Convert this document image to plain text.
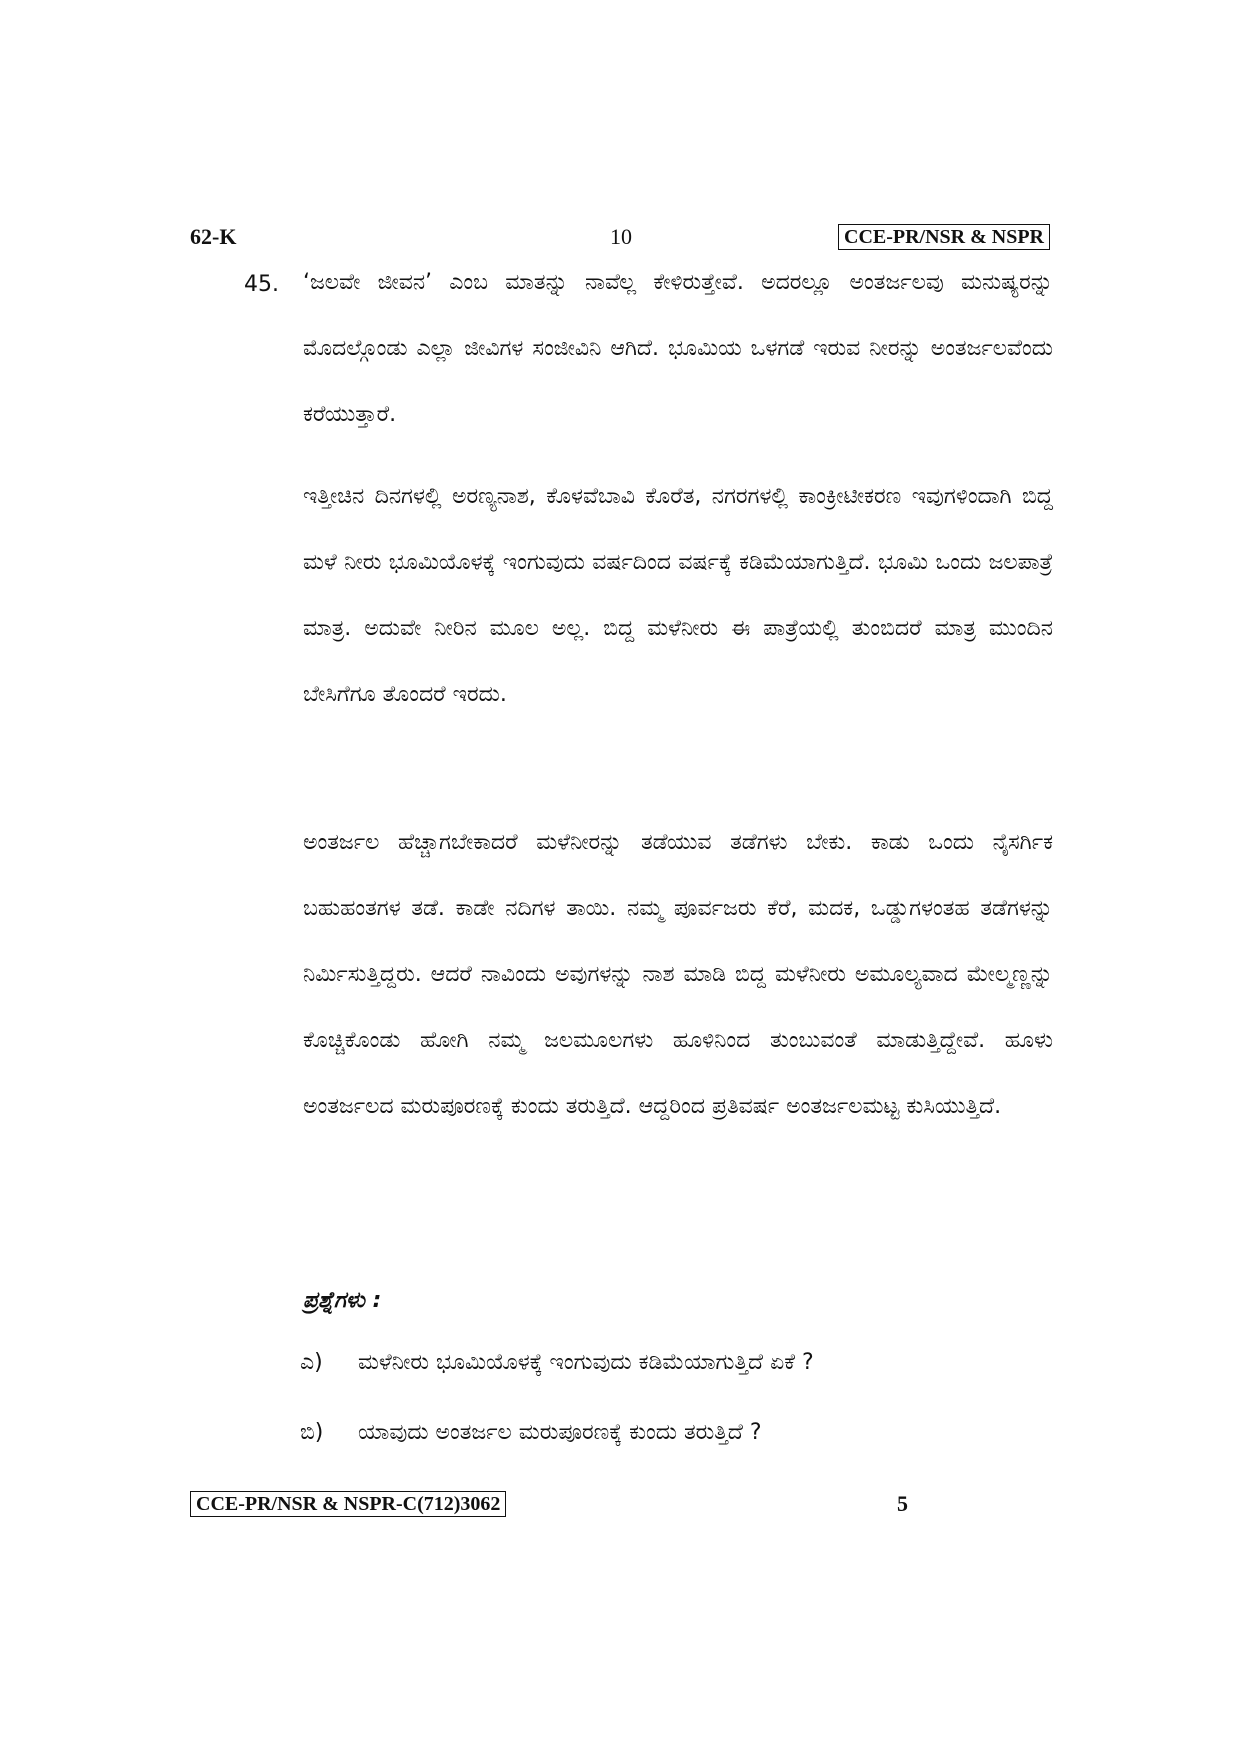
62-K	10	CCE-PR/NSR & NSPR
45. ‘ಜಲವೇ ಜೀವನ’ ಎಂಬ ಮಾತನ್ನು ನಾವೆಲ್ಲ ಕೇಳಿರುತ್ತೇವೆ. ಅದರಲ್ಲೂ ಅಂತರ್ಜಲವು ಮನುಷ್ಯರನ್ನು ಮೊದಲ್ಗೊಂಡು ಎಲ್ಲಾ ಜೀವಿಗಳ ಸಂಜೀವಿನಿ ಆಗಿದೆ. ಭೂಮಿಯ ಒಳಗಡೆ ಇರುವ ನೀರನ್ನು ಅಂತರ್ಜಲವೆಂದು ಕರೆಯುತ್ತಾರೆ.

ಇತ್ತೀಚಿನ ದಿನಗಳಲ್ಲಿ ಅರಣ್ಯನಾಶ, ಕೊಳವೆಬಾವಿ ಕೊರೆತ, ನಗರಗಳಲ್ಲಿ ಕಾಂಕ್ರೀಟೀಕರಣ ಇವುಗಳಿಂದಾಗಿ ಬಿದ್ದ ಮಳೆ ನೀರು ಭೂಮಿಯೊಳಕ್ಕೆ ಇಂಗುವುದು ವರ್ಷದಿಂದ ವರ್ಷಕ್ಕೆ ಕಡಿಮೆಯಾಗುತ್ತಿದೆ. ಭೂಮಿ ಒಂದು ಜಲಪಾತ್ರೆ ಮಾತ್ರ. ಅದುವೇ ನೀರಿನ ಮೂಲ ಅಲ್ಲ. ಬಿದ್ದ ಮಳೆನೀರು ಈ ಪಾತ್ರೆಯಲ್ಲಿ ತುಂಬಿದರೆ ಮಾತ್ರ ಮುಂದಿನ ಬೇಸಿಗೆಗೂ ತೊಂದರೆ ಇರದು.

ಅಂತರ್ಜಲ ಹೆಚ್ಚಾಗಬೇಕಾದರೆ ಮಳೆನೀರನ್ನು ತಡೆಯುವ ತಡೆಗಳು ಬೇಕು. ಕಾಡು ಒಂದು ನೈಸರ್ಗಿಕ ಬಹುಹಂತಗಳ ತಡೆ. ಕಾಡೇ ನದಿಗಳ ತಾಯಿ. ನಮ್ಮ ಪೂರ್ವಜರು ಕೆರೆ, ಮದಕ, ಒಡ್ಡುಗಳಂತಹ ತಡೆಗಳನ್ನು ನಿರ್ಮಿಸುತ್ತಿದ್ದರು. ಆದರೆ ನಾವಿಂದು ಅವುಗಳನ್ನು ನಾಶ ಮಾಡಿ ಬಿದ್ದ ಮಳೆನೀರು ಅಮೂಲ್ಯವಾದ ಮೇಲ್ಮಣ್ಣನ್ನು ಕೊಚ್ಚಿಕೊಂಡು ಹೋಗಿ ನಮ್ಮ ಜಲಮೂಲಗಳು ಹೂಳಿನಿಂದ ತುಂಬುವಂತೆ ಮಾಡುತ್ತಿದ್ದೇವೆ. ಹೂಳು ಅಂತರ್ಜಲದ ಮರುಪೂರಣಕ್ಕೆ ಕುಂದು ತರುತ್ತಿದೆ. ಆದ್ದರಿಂದ ಪ್ರತಿವರ್ಷ ಅಂತರ್ಜಲಮಟ್ಟ ಕುಸಿಯುತ್ತಿದೆ.

ಪ್ರಶ್ನೆಗಳು :
ಎ)	ಮಳೆನೀರು ಭೂಮಿಯೊಳಕ್ಕೆ ಇಂಗುವುದು ಕಡಿಮೆಯಾಗುತ್ತಿದೆ ಏಕೆ ?
ಬಿ)	ಯಾವುದು ಅಂತರ್ಜಲ ಮರುಪೂರಣಕ್ಕೆ ಕುಂದು ತರುತ್ತಿದೆ ?
CCE-PR/NSR & NSPR-C(712)3062	5
